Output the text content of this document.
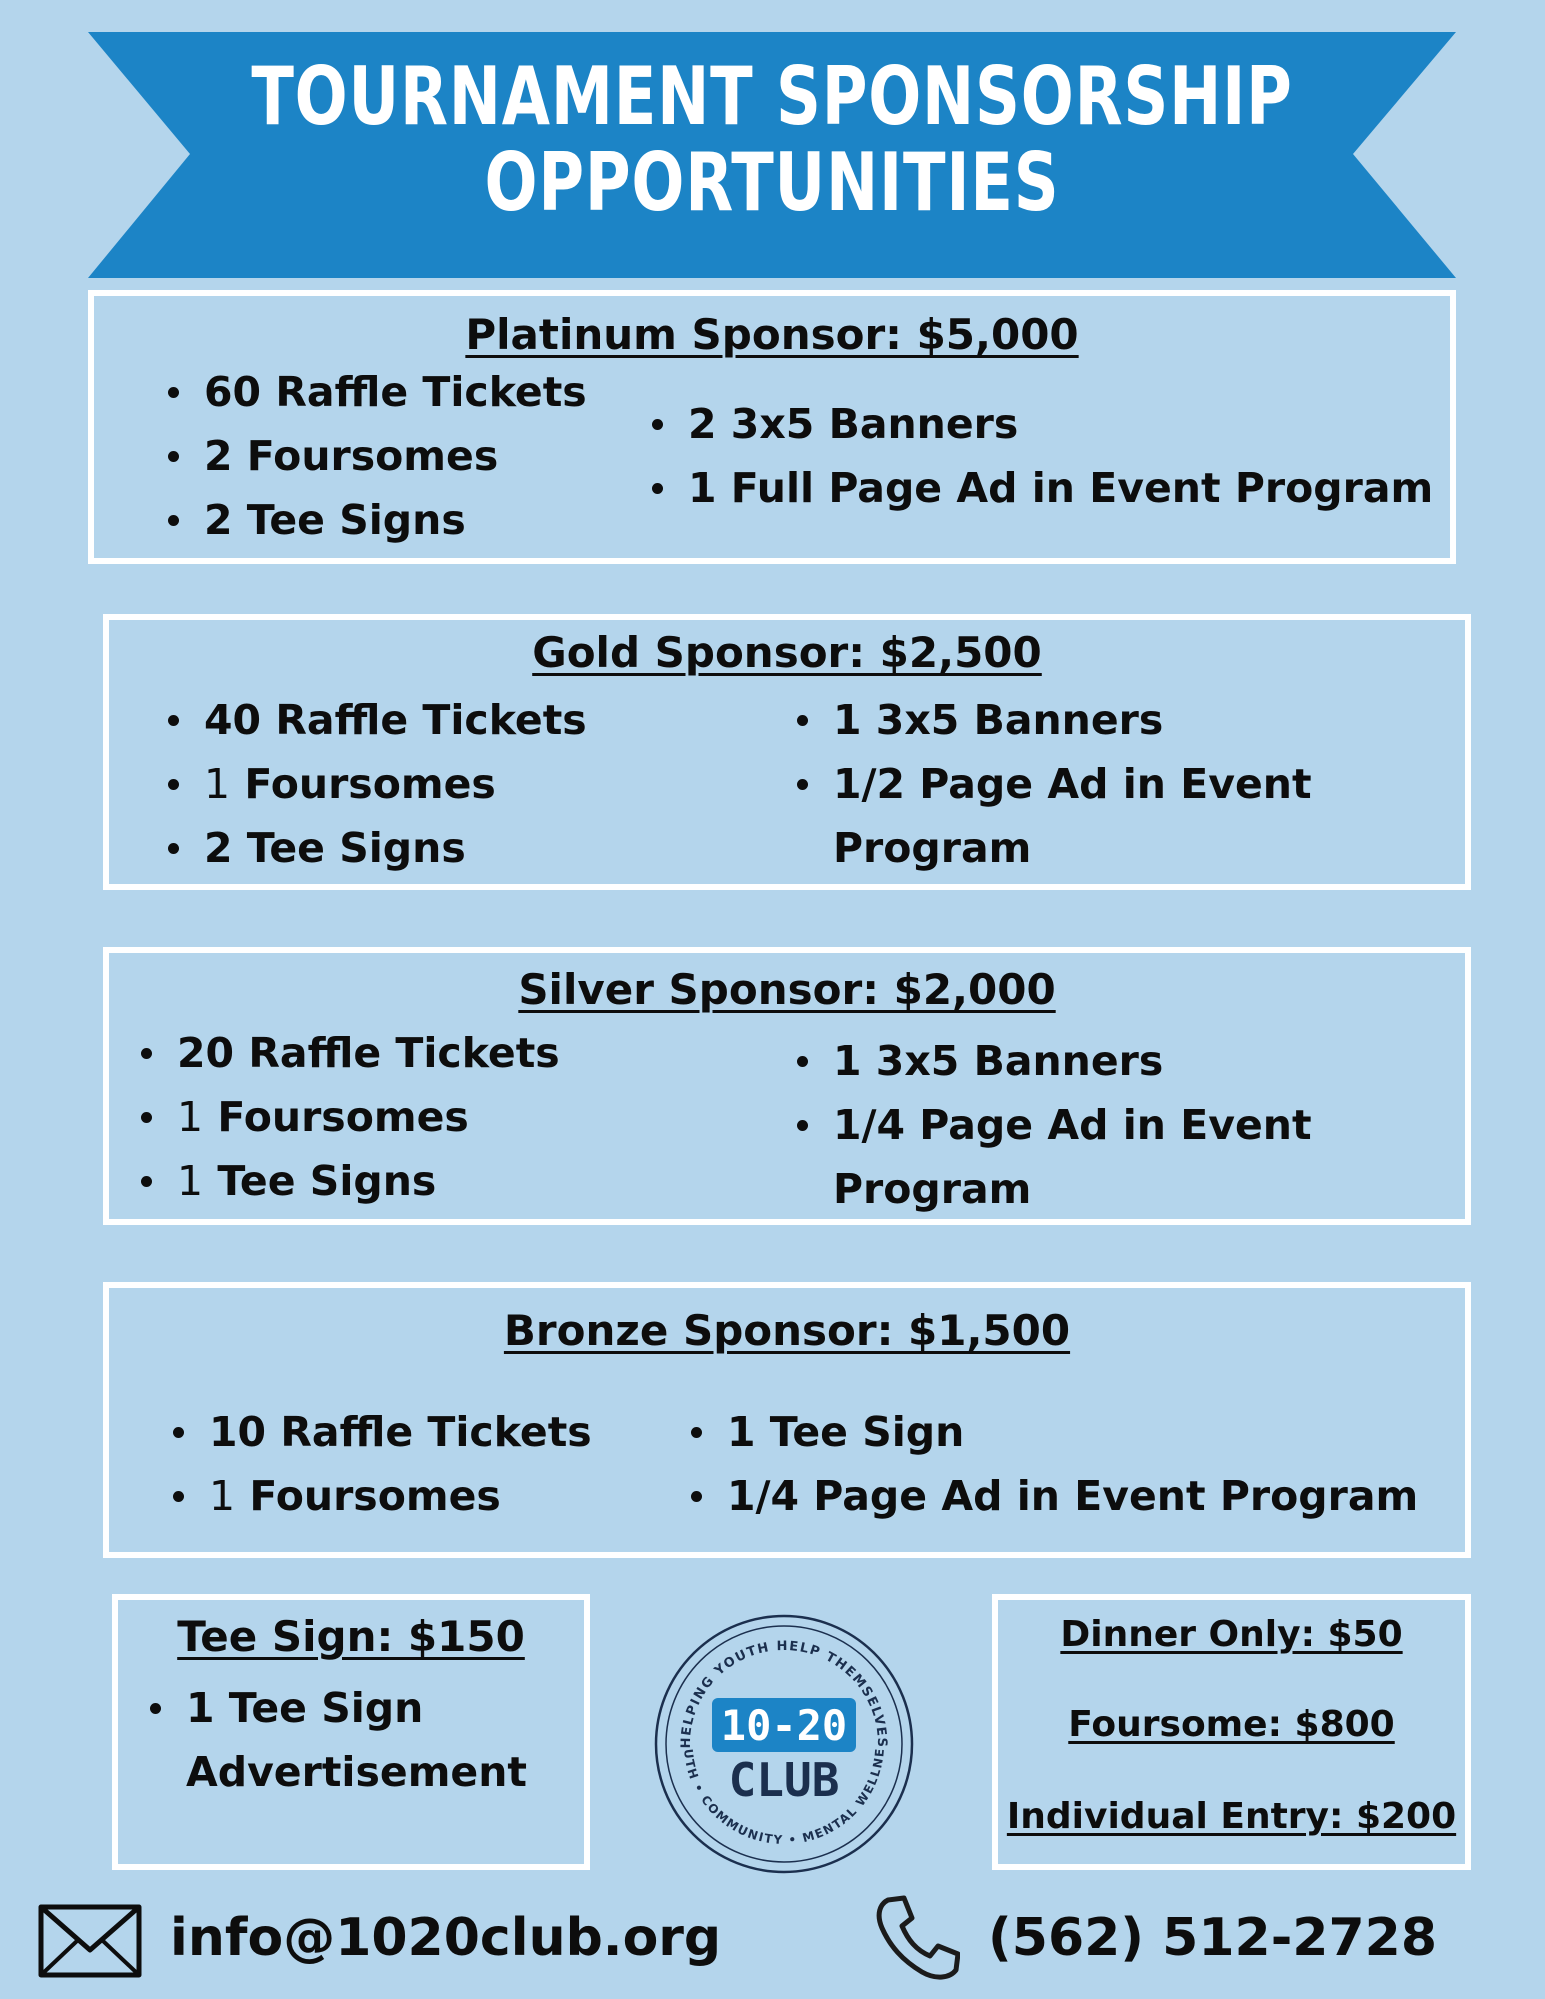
TOURNAMENT SPONSORSHIP
OPPORTUNITIES
Platinum Sponsor: $5,000
60 Raffle Tickets
2 Foursomes
2 Tee Signs
2 3x5 Banners
1 Full Page Ad in Event Program
Gold Sponsor: $2,500
40 Raffle Tickets
1 Foursomes
2 Tee Signs
1 3x5 Banners
1/2 Page Ad in Event Program
Silver Sponsor: $2,000
20 Raffle Tickets
1 Foursomes
1 Tee Signs
1 3x5 Banners
1/4 Page Ad in Event Program
Bronze Sponsor: $1,500
10 Raffle Tickets
1 Foursomes
1 Tee Sign
1/4 Page Ad in Event Program
Tee Sign: $150
1 Tee Sign
Advertisement
HELPING YOUTH HELP THEMSELVES
UTH • COMMUNITY • MENTAL WELLNE
10-20
CLUB
Dinner Only: $50
Foursome: $800
Individual Entry: $200
info@1020club.org	(562) 512-2728
